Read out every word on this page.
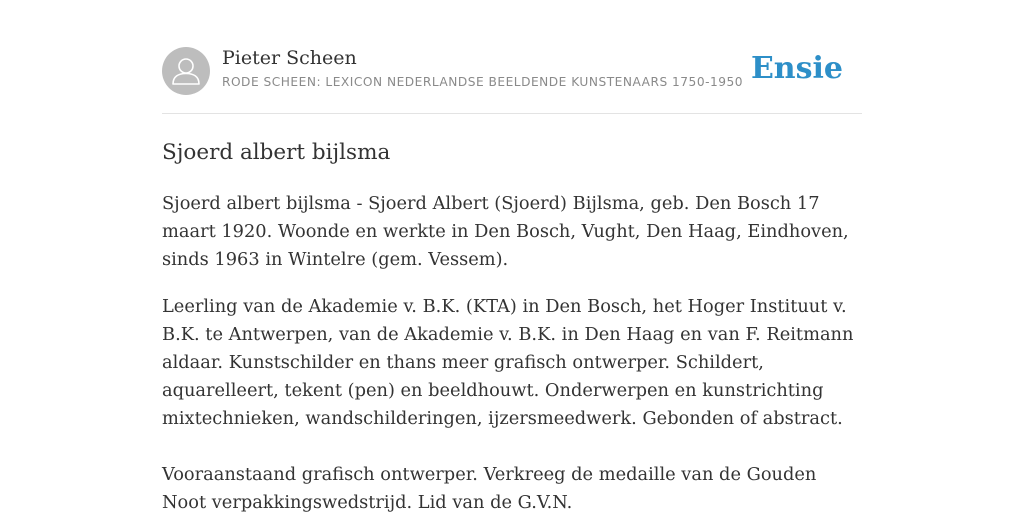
Pieter Scheen
RODE SCHEEN: LEXICON NEDERLANDSE BEELDENDE KUNSTENAARS 1750-1950 Ensie
Sjoerd albert bijlsma

Sjoerd albert bijlsma - Sjoerd Albert (Sjoerd) Bijlsma, geb. Den Bosch 17 maart 1920. Woonde en werkte in Den Bosch, Vught, Den Haag, Eindhoven, sinds 1963 in Wintelre (gem. Vessem).

Leerling van de Akademie v. B.K. (KTA) in Den Bosch, het Hoger Instituut v. B.K. te Antwerpen, van de Akademie v. B.K. in Den Haag en van F. Reitmann aldaar. Kunstschilder en thans meer grafisch ontwerper. Schildert, aquarelleert, tekent (pen) en beeldhouwt. Onderwerpen en kunstrichting mixtechnieken, wandschilderingen, ijzersmeedwerk. Gebonden of abstract.

Vooraanstaand grafisch ontwerper. Verkreeg de medaille van de Gouden Noot verpakkingswedstrijd. Lid van de G.V.N.
